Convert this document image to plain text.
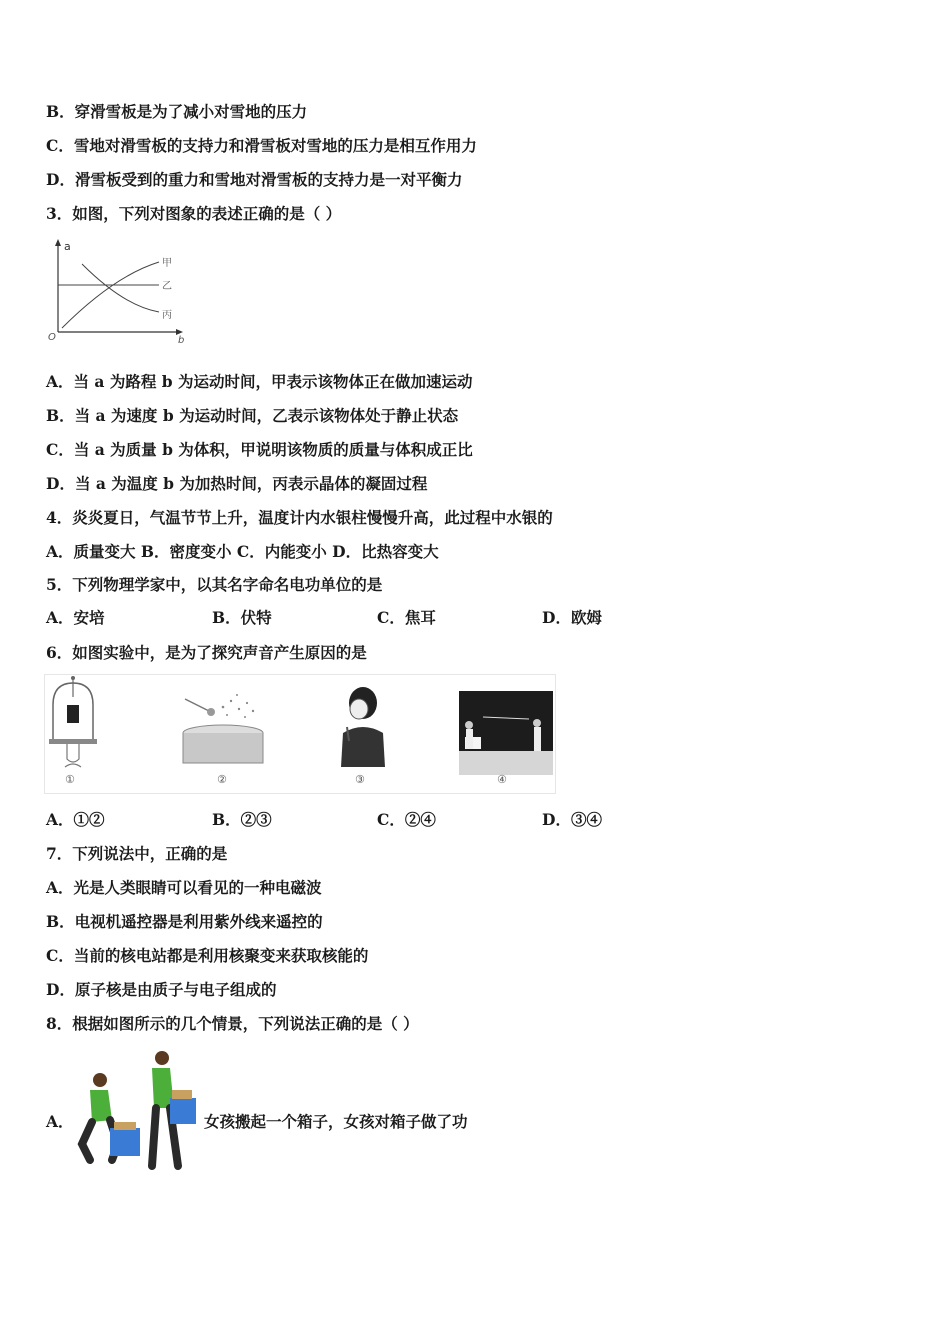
B．穿滑雪板是为了减小对雪地的压力
C．雪地对滑雪板的支持力和滑雪板对雪地的压力是相互作用力
D．滑雪板受到的重力和雪地对滑雪板的支持力是一对平衡力
3．如图，下列对图象的表述正确的是（ ）
a
b
O
甲
乙
丙
A．当 a 为路程 b 为运动时间，甲表示该物体正在做加速运动
B．当 a 为速度 b 为运动时间，乙表示该物体处于静止状态
C．当 a 为质量 b 为体积，甲说明该物质的质量与体积成正比
D．当 a 为温度 b 为加热时间，丙表示晶体的凝固过程
4．炎炎夏日，气温节节上升，温度计内水银柱慢慢升高，此过程中水银的
A．质量变大 B．密度变小 C．内能变小 D．比热容变大
5．下列物理学家中，以其名字命名电功单位的是
A．安培	B．伏特	C．焦耳	D．欧姆
6．如图实验中，是为了探究声音产生原因的是
①	②	③	④
A．①②	B．②③	C．②④	D．③④
7．下列说法中，正确的是
A．光是人类眼睛可以看见的一种电磁波
B．电视机遥控器是利用紫外线来遥控的
C．当前的核电站都是利用核聚变来获取核能的
D．原子核是由质子与电子组成的
8．根据如图所示的几个情景，下列说法正确的是（ ）
A．	女孩搬起一个箱子，女孩对箱子做了功
